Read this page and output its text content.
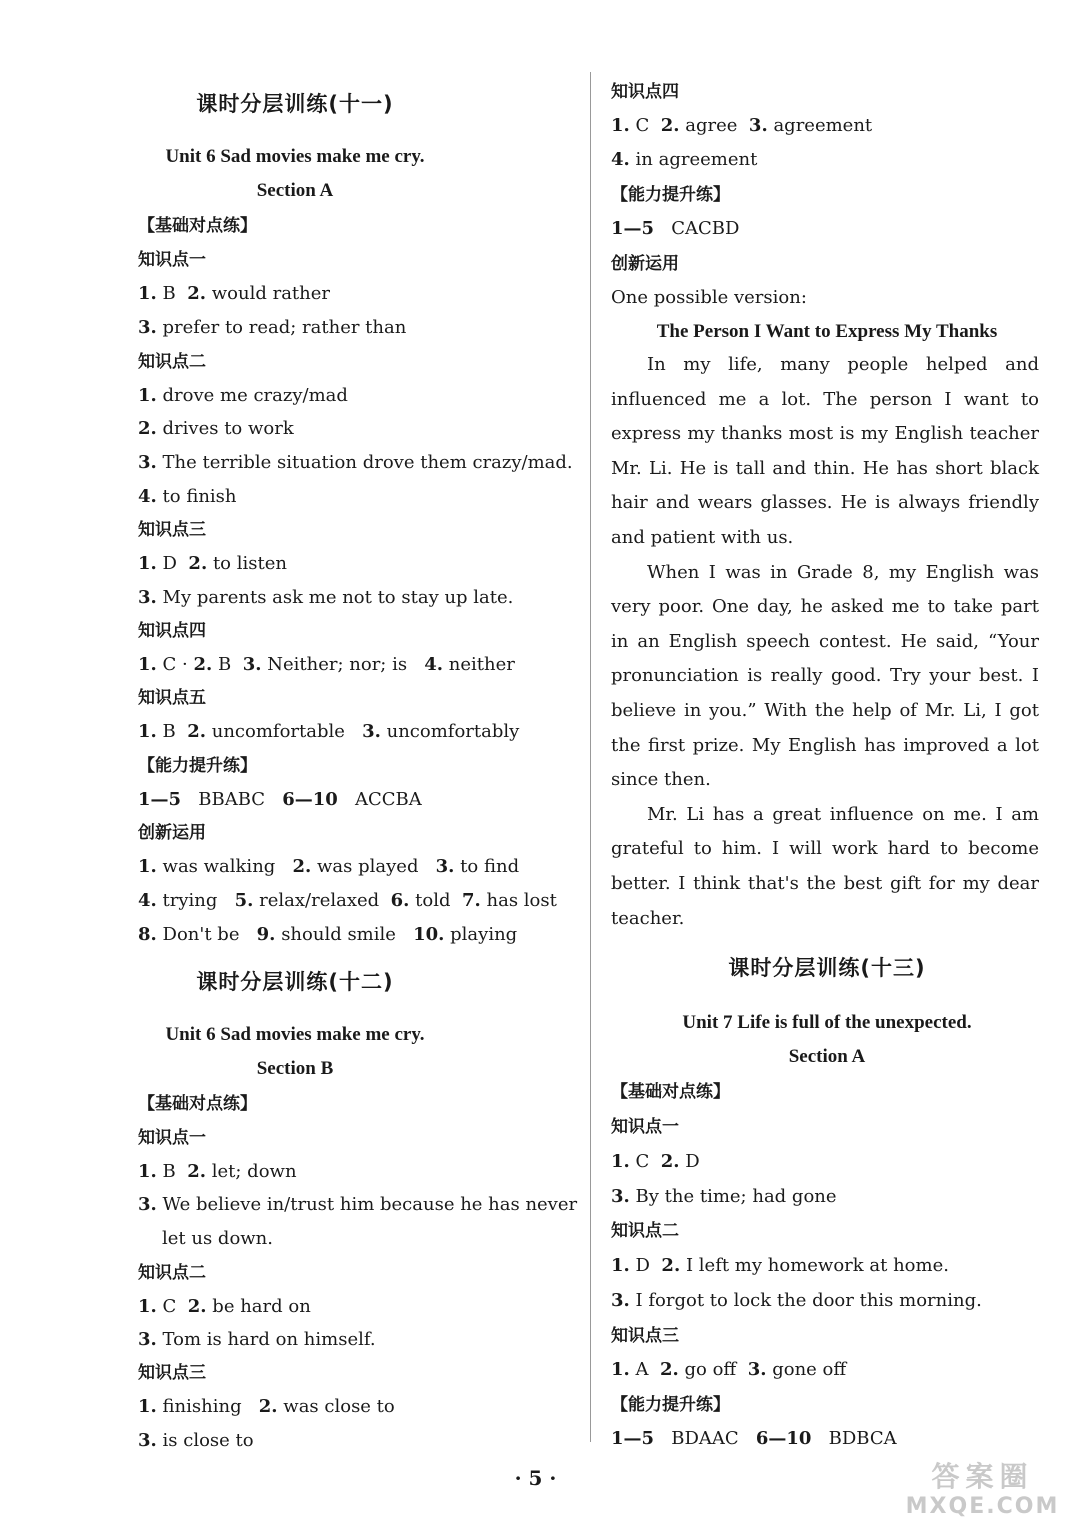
课时分层训练(十一)
Unit 6 Sad movies make me cry.
Section A
【基础对点练】
知识点一
1. B 2. would rather
3. prefer to read; rather than
知识点二
1. drove me crazy/mad
2. drives to work
3. The terrible situation drove them crazy/mad.
4. to finish
知识点三
1. D 2. to listen
3. My parents ask me not to stay up late.
知识点四
1. C · 2. B 3. Neither; nor; is 4. neither
知识点五
1. B 2. uncomfortable 3. uncomfortably
【能力提升练】
1—5 BBABC 6—10 ACCBA
创新运用
1. was walking 2. was played 3. to find
4. trying 5. relax/relaxed 6. told 7. has lost
8. Don't be 9. should smile 10. playing
课时分层训练(十二)
Unit 6 Sad movies make me cry.
Section B
【基础对点练】
知识点一
1. B 2. let; down
3. We believe in/trust him because he has never
let us down.
知识点二
1. C 2. be hard on
3. Tom is hard on himself.
知识点三
1. finishing 2. was close to
3. is close to
知识点四
1. C 2. agree 3. agreement
4. in agreement
【能力提升练】
1—5 CACBD
创新运用
One possible version:
The Person I Want to Express My Thanks

In my life, many people helped and influenced me a lot. The person I want to express my thanks most is my English teacher Mr. Li. He is tall and thin. He has short black hair and wears glasses. He is always friendly and patient with us.

When I was in Grade 8, my English was very poor. One day, he asked me to take part in an English speech contest. He said, “Your pronunciation is really good. Try your best. I believe in you.” With the help of Mr. Li, I got the first prize. My English has improved a lot since then.

Mr. Li has a great influence on me. I am grateful to him. I will work hard to become better. I think that's the best gift for my dear teacher.

课时分层训练(十三)
Unit 7 Life is full of the unexpected.
Section A
【基础对点练】
知识点一
1. C 2. D
3. By the time; had gone
知识点二
1. D 2. I left my homework at home.
3. I forgot to lock the door this morning.
知识点三
1. A 2. go off 3. gone off
【能力提升练】
1—5 BDAAC 6—10 BDBCA
· 5 ·	答案圈
MXQE.COM
